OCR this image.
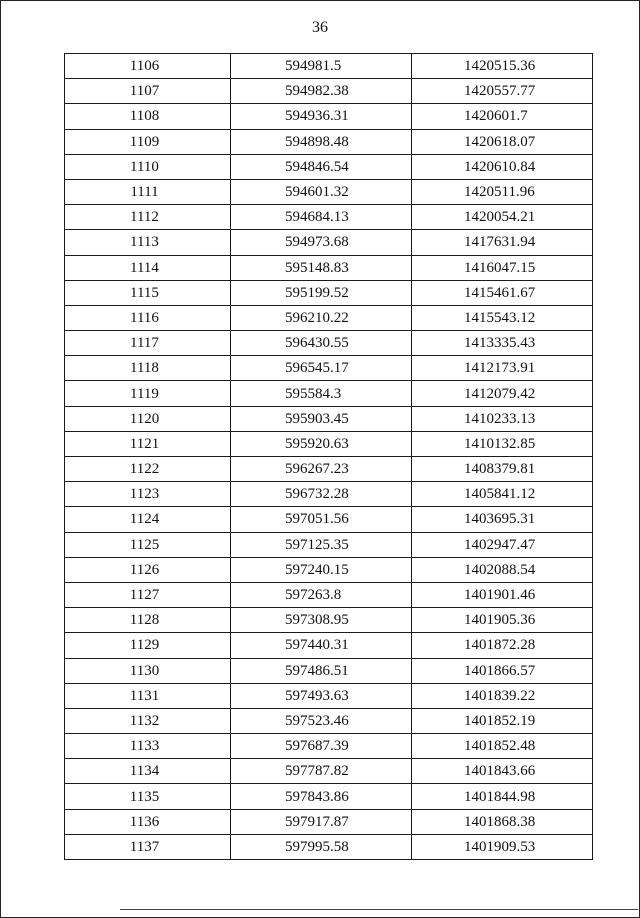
36
1106	594981.5	1420515.36
1107	594982.38	1420557.77
1108	594936.31	1420601.7
1109	594898.48	1420618.07
1110	594846.54	1420610.84
1111	594601.32	1420511.96
1112	594684.13	1420054.21
1113	594973.68	1417631.94
1114	595148.83	1416047.15
1115	595199.52	1415461.67
1116	596210.22	1415543.12
1117	596430.55	1413335.43
1118	596545.17	1412173.91
1119	595584.3	1412079.42
1120	595903.45	1410233.13
1121	595920.63	1410132.85
1122	596267.23	1408379.81
1123	596732.28	1405841.12
1124	597051.56	1403695.31
1125	597125.35	1402947.47
1126	597240.15	1402088.54
1127	597263.8	1401901.46
1128	597308.95	1401905.36
1129	597440.31	1401872.28
1130	597486.51	1401866.57
1131	597493.63	1401839.22
1132	597523.46	1401852.19
1133	597687.39	1401852.48
1134	597787.82	1401843.66
1135	597843.86	1401844.98
1136	597917.87	1401868.38
1137	597995.58	1401909.53
